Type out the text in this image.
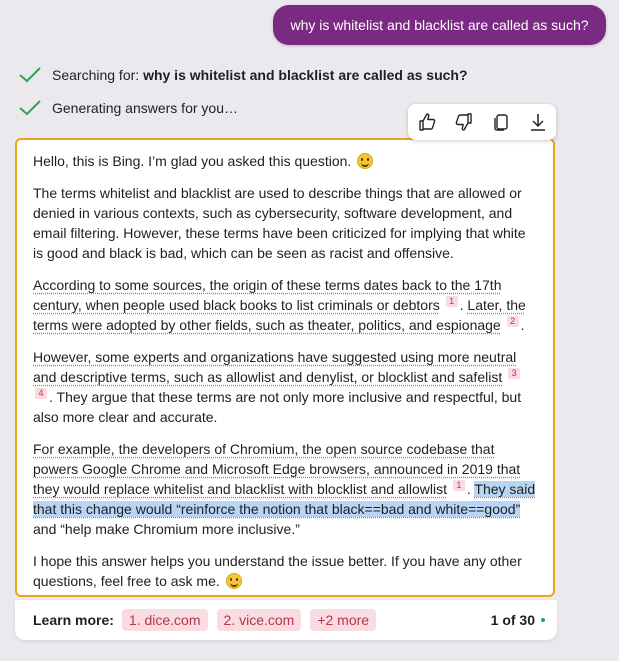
why is whitelist and blacklist are called as such?
Searching for:
why is whitelist and blacklist are called as such?
Generating answers for you…

Hello, this is Bing. I’m glad you asked this question.

The terms whitelist and blacklist are used to describe things that are allowed or denied in various contexts, such as cybersecurity, software development, and email filtering. However, these terms have been criticized for implying that white is good and black is bad, which can be seen as racist and offensive.

According to some sources, the origin of these terms dates back to the 17th century, when people used black books to list criminals or debtors $^1$ . Later, the terms were adopted by other fields, such as theater, politics, and espionage $^2$ .

However, some experts and organizations have suggested using more neutral and descriptive terms, such as allowlist and denylist, or blocklist and safelist $^3$ $^4$ . They argue that these terms are not only more inclusive and respectful, but also more clear and accurate.

For example, the developers of Chromium, the open source codebase that powers Google Chrome and Microsoft Edge browsers, announced in 2019 that they would replace whitelist and blacklist with blocklist and allowlist $^1$ . They said that this change would “reinforce the notion that black==bad and white==good” and “help make Chromium more inclusive.”

I hope this answer helps you understand the issue better. If you have any other questions, feel free to ask me.

Learn more:	1. dice.com	2. vice.com	+2 more	1 of 30
